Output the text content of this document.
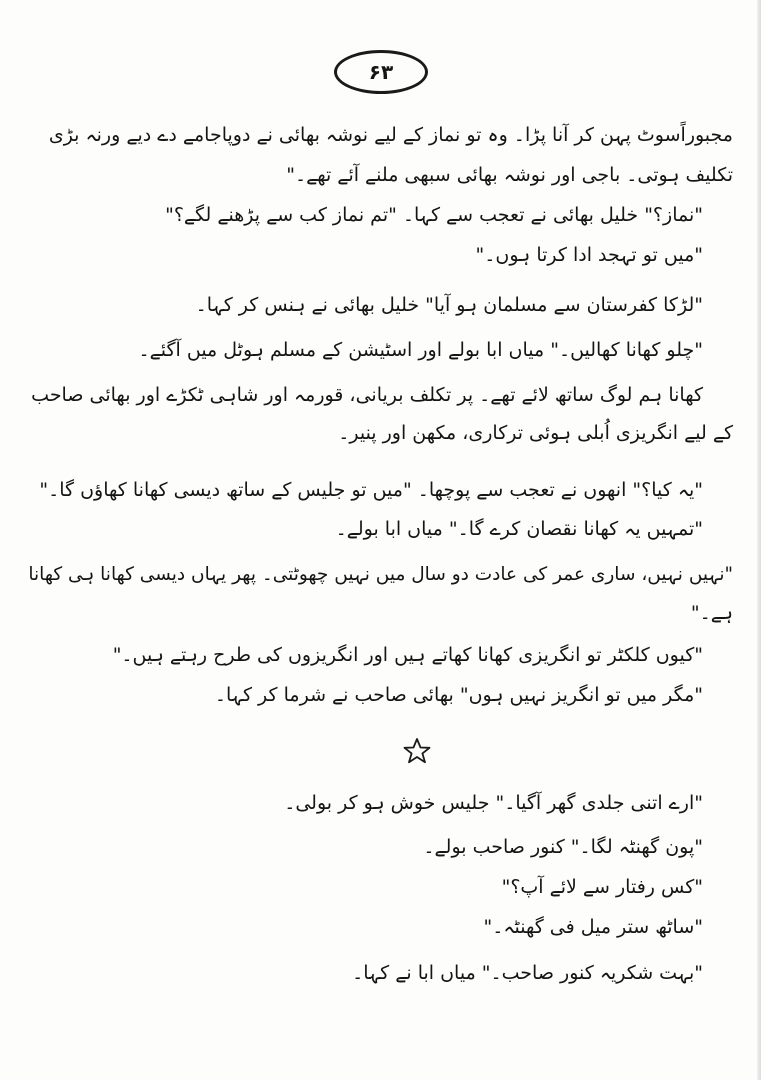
۶۳
مجبوراًسوٹ پہن کر آنا پڑا۔ وہ تو نماز کے لیے نوشہ بھائی نے دوپاجامے دے دیے ورنہ بڑی
تکلیف ہوتی۔ باجی اور نوشہ بھائی سبھی ملنے آئے تھے۔"
"نماز؟" خلیل بھائی نے تعجب سے کہا۔ "تم نماز کب سے پڑھنے لگے؟"
"میں تو تہجد ادا کرتا ہوں۔"
"لڑکا کفرستان سے مسلمان ہو آیا" خلیل بھائی نے ہنس کر کہا۔
"چلو کھانا کھالیں۔" میاں ابا بولے اور اسٹیشن کے مسلم ہوٹل میں آگئے۔
کھانا ہم لوگ ساتھ لائے تھے۔ پر تکلف بریانی، قورمہ اور شاہی ٹکڑے اور بھائی صاحب
کے لیے انگریزی اُبلی ہوئی ترکاری، مکھن اور پنیر۔
"یہ کیا؟" انھوں نے تعجب سے پوچھا۔ "میں تو جلیس کے ساتھ دیسی کھانا کھاؤں گا۔"
"تمہیں یہ کھانا نقصان کرے گا۔" میاں ابا بولے۔
"نہیں نہیں، ساری عمر کی عادت دو سال میں نہیں چھوٹتی۔ پھر یہاں دیسی کھانا ہی کھانا
ہے۔"
"کیوں کلکٹر تو انگریزی کھانا کھاتے ہیں اور انگریزوں کی طرح رہتے ہیں۔"
"مگر میں تو انگریز نہیں ہوں" بھائی صاحب نے شرما کر کہا۔
"ارے اتنی جلدی گھر آگیا۔" جلیس خوش ہو کر بولی۔
"پون گھنٹہ لگا۔" کنور صاحب بولے۔
"کس رفتار سے لائے آپ؟"
"ساٹھ ستر میل فی گھنٹہ۔"
"بہت شکریہ کنور صاحب۔" میاں ابا نے کہا۔
